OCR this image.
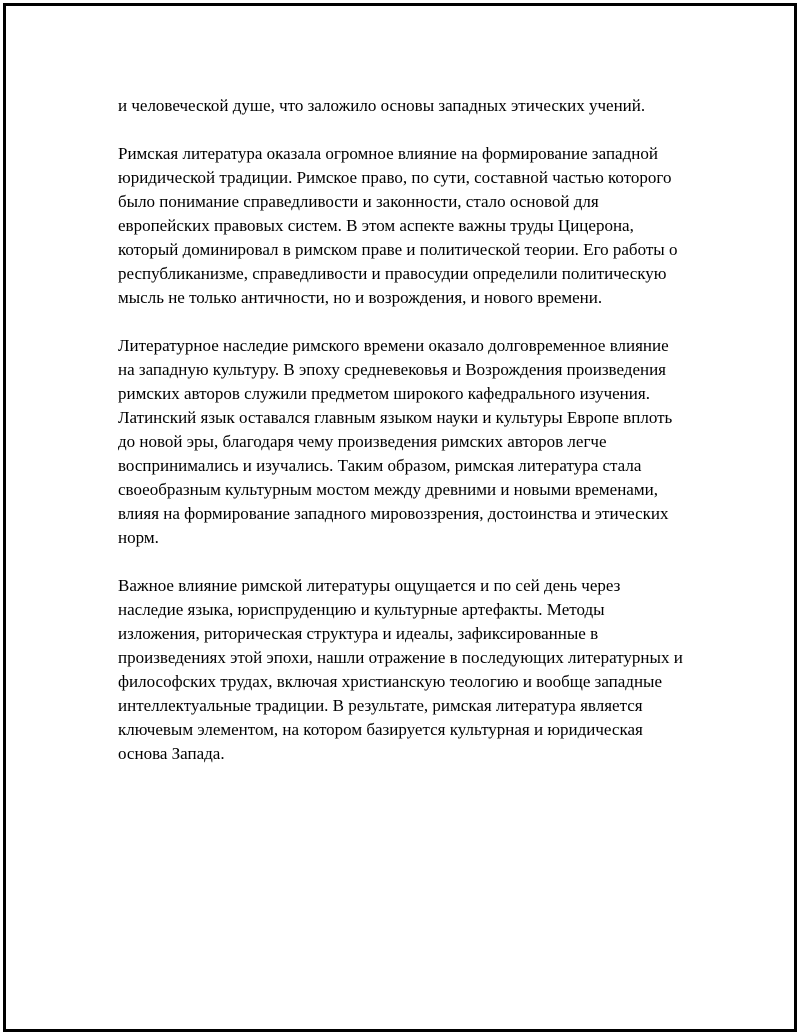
и человеческой душе, что заложило основы западных этических учений.

Римская литература оказала огромное влияние на формирование западной юридической традиции. Римское право, по сути, составной частью которого было понимание справедливости и законности, стало основой для европейских правовых систем. В этом аспекте важны труды Цицерона, который доминировал в римском праве и политической теории. Его работы о республиканизме, справедливости и правосудии определили политическую мысль не только античности, но и возрождения, и нового времени.

Литературное наследие римского времени оказало долговременное влияние на западную культуру. В эпоху средневековья и Возрождения произведения римских авторов служили предметом широкого кафедрального изучения. Латинский язык оставался главным языком науки и культуры Европе вплоть до новой эры, благодаря чему произведения римских авторов легче воспринимались и изучались. Таким образом, римская литература стала своеобразным культурным мостом между древними и новыми временами, влияя на формирование западного мировоззрения, достоинства и этических норм.

Важное влияние римской литературы ощущается и по сей день через наследие языка, юриспруденцию и культурные артефакты. Методы изложения, риторическая структура и идеалы, зафиксированные в произведениях этой эпохи, нашли отражение в последующих литературных и философских трудах, включая христианскую теологию и вообще западные интеллектуальные традиции. В результате, римская литература является ключевым элементом, на котором базируется культурная и юридическая основа Запада.
